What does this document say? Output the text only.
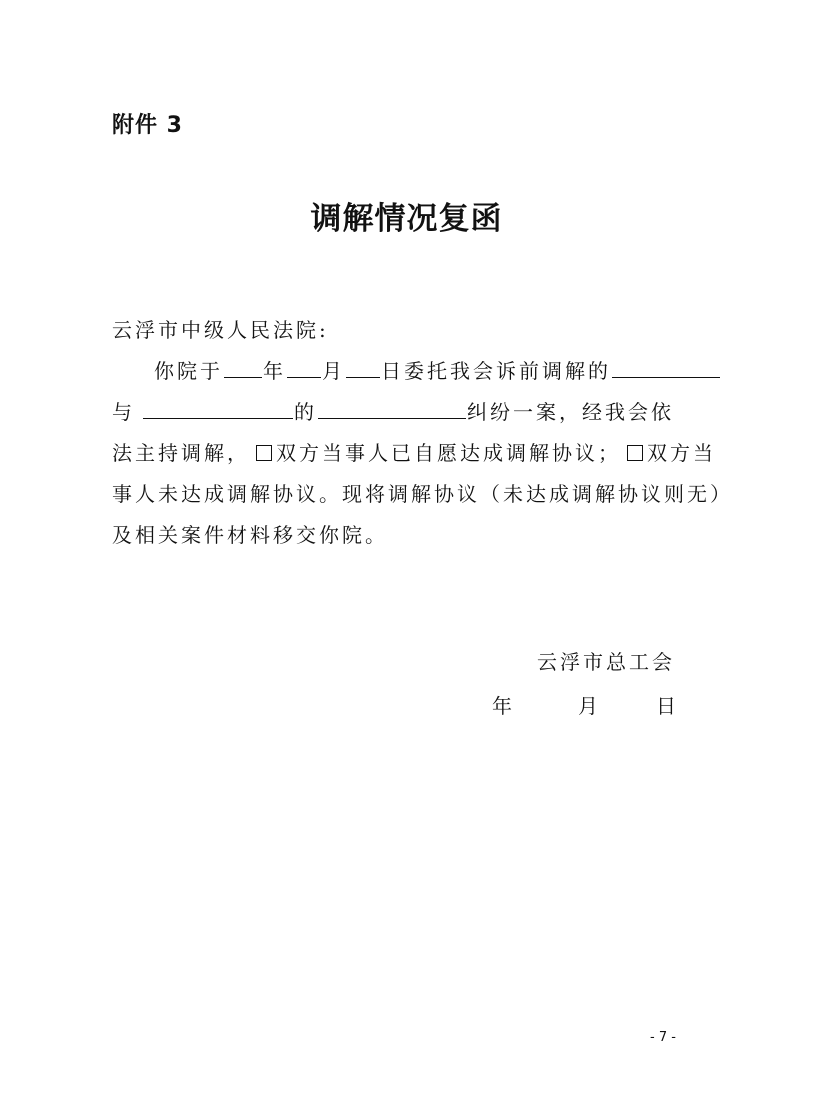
附件 3
调解情况复函
云浮市中级人民法院:
你院于 年 月 日委托我会诉前调解的
与	的	纠纷一案，经我会依
法主持调解， 双方当事人已自愿达成调解协议； 双方当
事人未达成调解协议。现将调解协议（未达成调解协议则无）
及相关案件材料移交你院。
云浮市总工会
年	月	日
- 7 -
